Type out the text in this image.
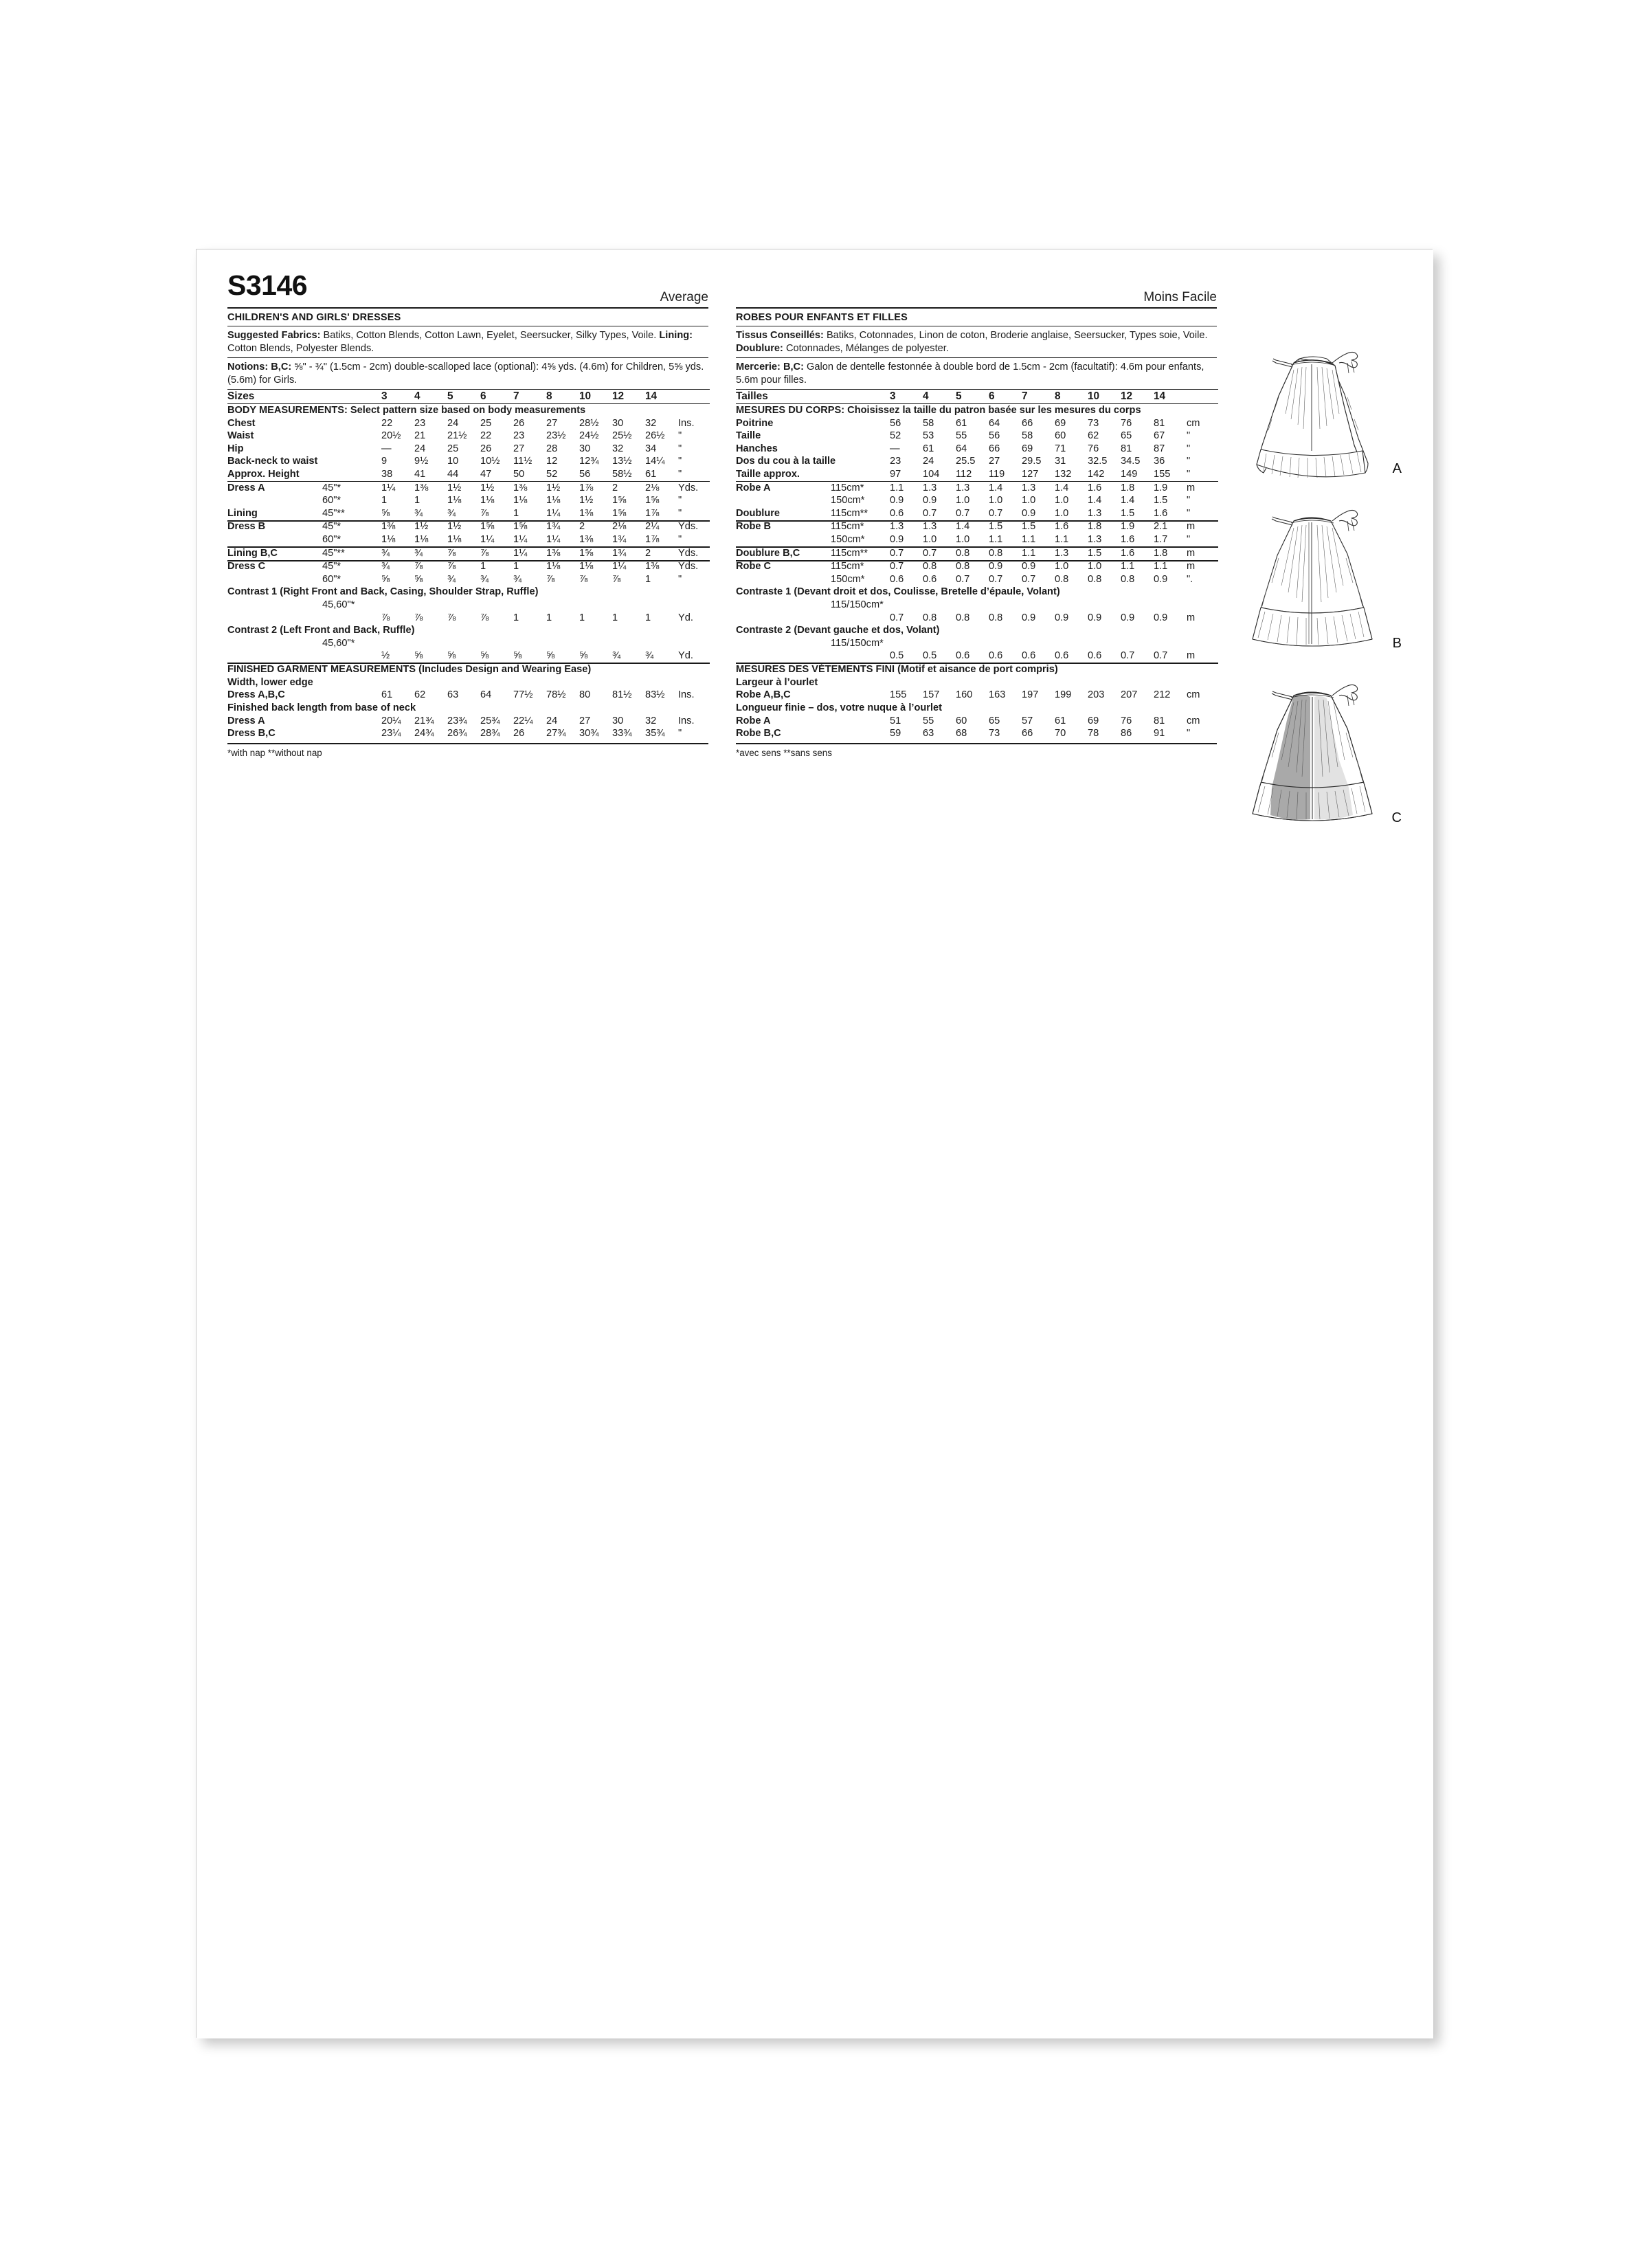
S3146	Average
CHILDREN'S AND GIRLS' DRESSES
Suggested Fabrics: Batiks, Cotton Blends, Cotton Lawn, Eyelet, Seersucker, Silky Types, Voile. Lining: Cotton Blends, Polyester Blends.
Notions: B,C: ⅝" - ¾" (1.5cm - 2cm) double-scalloped lace (optional): 4⅝ yds. (4.6m) for Children, 5⅝ yds. (5.6m) for Girls.
Sizes		3	4	5	6	7	8	10	12	14	
BODY MEASUREMENTS: Select pattern size based on body measurements											
Chest		22	23	24	25	26	27	28½	30	32	Ins.
Waist		20½	21	21½	22	23	23½	24½	25½	26½	"
Hip		—	24	25	26	27	28	30	32	34	"
Back-neck to waist		9	9½	10	10½	11½	12	12¾	13½	14¼	"
Approx. Height		38	41	44	47	50	52	56	58½	61	"
Dress A	45"*	1¼	1⅜	1½	1½	1⅜	1½	1⅞	2	2⅛	Yds.
	60"*	1	1	1⅛	1⅛	1⅛	1⅛	1½	1⅝	1⅝	"
Lining	45"**	⅝	¾	¾	⅞	1	1¼	1⅜	1⅝	1⅞	"
Dress B	45"*	1⅜	1½	1½	1⅝	1⅝	1¾	2	2⅛	2¼	Yds.
	60"*	1⅛	1⅛	1⅛	1¼	1¼	1¼	1⅜	1¾	1⅞	"
Lining B,C	45"**	¾	¾	⅞	⅞	1¼	1⅜	1⅝	1¾	2	Yds.
Dress C	45"*	¾	⅞	⅞	1	1	1⅛	1⅛	1¼	1⅜	Yds.
	60"*	⅝	⅝	¾	¾	¾	⅞	⅞	⅞	1	"
Contrast 1 (Right Front and Back, Casing, Shoulder Strap, Ruffle)											
	45,60"*										
		⅞	⅞	⅞	⅞	1	1	1	1	1	Yd.
Contrast 2 (Left Front and Back, Ruffle)											
	45,60"*										
		½	⅝	⅝	⅝	⅝	⅝	⅝	¾	¾	Yd.
FINISHED GARMENT MEASUREMENTS (Includes Design and Wearing Ease)											
Width, lower edge											
Dress A,B,C		61	62	63	64	77½	78½	80	81½	83½	Ins.
Finished back length from base of neck											
Dress A		20¼	21¾	23¾	25¾	22¼	24	27	30	32	Ins.
Dress B,C		23¼	24¾	26¾	28¾	26	27¾	30¾	33¾	35¾	"
*with nap **without nap
Moins Facile
ROBES POUR ENFANTS ET FILLES
Tissus Conseillés: Batiks, Cotonnades, Linon de coton, Broderie anglaise, Seersucker, Types soie, Voile. Doublure: Cotonnades, Mélanges de polyester.
Mercerie: B,C: Galon de dentelle festonnée à double bord de 1.5cm - 2cm (facultatif): 4.6m pour enfants, 5.6m pour filles.
Tailles		3	4	5	6	7	8	10	12	14	
MESURES DU CORPS: Choisissez la taille du patron basée sur les mesures du corps											
Poitrine		56	58	61	64	66	69	73	76	81	cm
Taille		52	53	55	56	58	60	62	65	67	"
Hanches		—	61	64	66	69	71	76	81	87	"
Dos du cou à la taille		23	24	25.5	27	29.5	31	32.5	34.5	36	"
Taille approx.		97	104	112	119	127	132	142	149	155	"
Robe A	115cm*	1.1	1.3	1.3	1.4	1.3	1.4	1.6	1.8	1.9	m
	150cm*	0.9	0.9	1.0	1.0	1.0	1.0	1.4	1.4	1.5	"
Doublure	115cm**	0.6	0.7	0.7	0.7	0.9	1.0	1.3	1.5	1.6	"
Robe B	115cm*	1.3	1.3	1.4	1.5	1.5	1.6	1.8	1.9	2.1	m
	150cm*	0.9	1.0	1.0	1.1	1.1	1.1	1.3	1.6	1.7	"
Doublure B,C	115cm**	0.7	0.7	0.8	0.8	1.1	1.3	1.5	1.6	1.8	m
Robe C	115cm*	0.7	0.8	0.8	0.9	0.9	1.0	1.0	1.1	1.1	m
	150cm*	0.6	0.6	0.7	0.7	0.7	0.8	0.8	0.8	0.9	".
Contraste 1 (Devant droit et dos, Coulisse, Bretelle d’épaule, Volant)											
	115/150cm*										
		0.7	0.8	0.8	0.8	0.9	0.9	0.9	0.9	0.9	m
Contraste 2 (Devant gauche et dos, Volant)											
	115/150cm*										
		0.5	0.5	0.6	0.6	0.6	0.6	0.6	0.7	0.7	m
MESURES DES VÉTEMENTS FINI (Motif et aisance de port compris)											
Largeur à l’ourlet											
Robe A,B,C		155	157	160	163	197	199	203	207	212	cm
Longueur finie – dos, votre nuque à l’ourlet											
Robe A		51	55	60	65	57	61	69	76	81	cm
Robe B,C		59	63	68	73	66	70	78	86	91	"
*avec sens **sans sens
A
B
C
